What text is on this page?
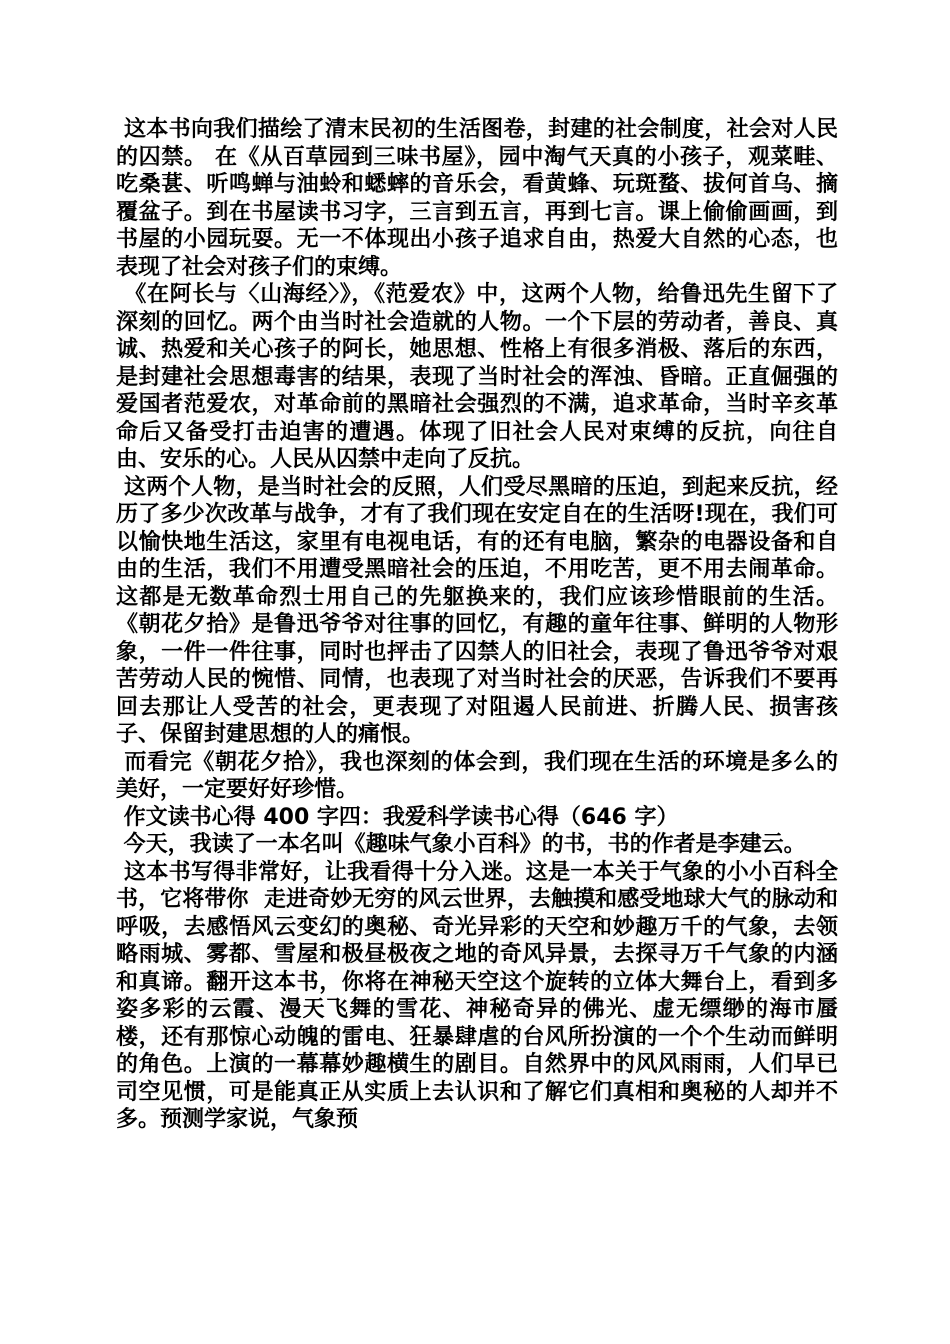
这本书向我们描绘了清末民初的生活图卷，封建的社会制度，社会对人民的囚禁。 在《从百草园到三味书屋》，园中淘气天真的小孩子，观菜畦、吃桑葚、听鸣蝉与油蛉和蟋蟀的音乐会，看黄蜂、玩斑蝥、拔何首乌、摘覆盆子。到在书屋读书习字，三言到五言，再到七言。课上偷偷画画，到书屋的小园玩耍。无一不体现出小孩子追求自由，热爱大自然的心态，也表现了社会对孩子们的束缚。

《在阿长与〈山海经〉》，《范爱农》中，这两个人物，给鲁迅先生留下了深刻的回忆。两个由当时社会造就的人物。一个下层的劳动者，善良、真诚、热爱和关心孩子的阿长，她思想、性格上有很多消极、落后的东西，是封建社会思想毒害的结果，表现了当时社会的浑浊、昏暗。正直倔强的爱国者范爱农，对革命前的黑暗社会强烈的不满，追求革命，当时辛亥革命后又备受打击迫害的遭遇。体现了旧社会人民对束缚的反抗，向往自由、安乐的心。人民从囚禁中走向了反抗。

这两个人物，是当时社会的反照，人们受尽黑暗的压迫，到起来反抗，经历了多少次改革与战争，才有了我们现在安定自在的生活呀!现在，我们可以愉快地生活这，家里有电视电话，有的还有电脑，繁杂的电器设备和自由的生活，我们不用遭受黑暗社会的压迫，不用吃苦，更不用去闹革命。这都是无数革命烈士用自己的先躯换来的，我们应该珍惜眼前的生活。 《朝花夕拾》是鲁迅爷爷对往事的回忆，有趣的童年往事、鲜明的人物形象，一件一件往事，同时也抨击了囚禁人的旧社会，表现了鲁迅爷爷对艰苦劳动人民的惋惜、同情，也表现了对当时社会的厌恶，告诉我们不要再回去那让人受苦的社会，更表现了对阻遏人民前进、折腾人民、损害孩子、保留封建思想的人的痛恨。

而看完《朝花夕拾》，我也深刻的体会到，我们现在生活的环境是多么的美好，一定要好好珍惜。

作文读书心得 400 字四：我爱科学读书心得（646 字）

今天，我读了一本名叫《趣味气象小百科》的书，书的作者是李建云。

这本书写得非常好，让我看得十分入迷。这是一本关于气象的小小百科全书，它将带你  走进奇妙无穷的风云世界，去触摸和感受地球大气的脉动和呼吸，去感悟风云变幻的奥秘、奇光异彩的天空和妙趣万千的气象，去领略雨城、雾都、雪屋和极昼极夜之地的奇风异景，去探寻万千气象的内涵和真谛。翻开这本书，你将在神秘天空这个旋转的立体大舞台上，看到多姿多彩的云霞、漫天飞舞的雪花、神秘奇异的佛光、虚无缥缈的海市蜃楼，还有那惊心动魄的雷电、狂暴肆虐的台风所扮演的一个个生动而鲜明的角色。上演的一幕幕妙趣横生的剧目。自然界中的风风雨雨，人们早已司空见惯，可是能真正从实质上去认识和了解它们真相和奥秘的人却并不多。预测学家说，气象预
